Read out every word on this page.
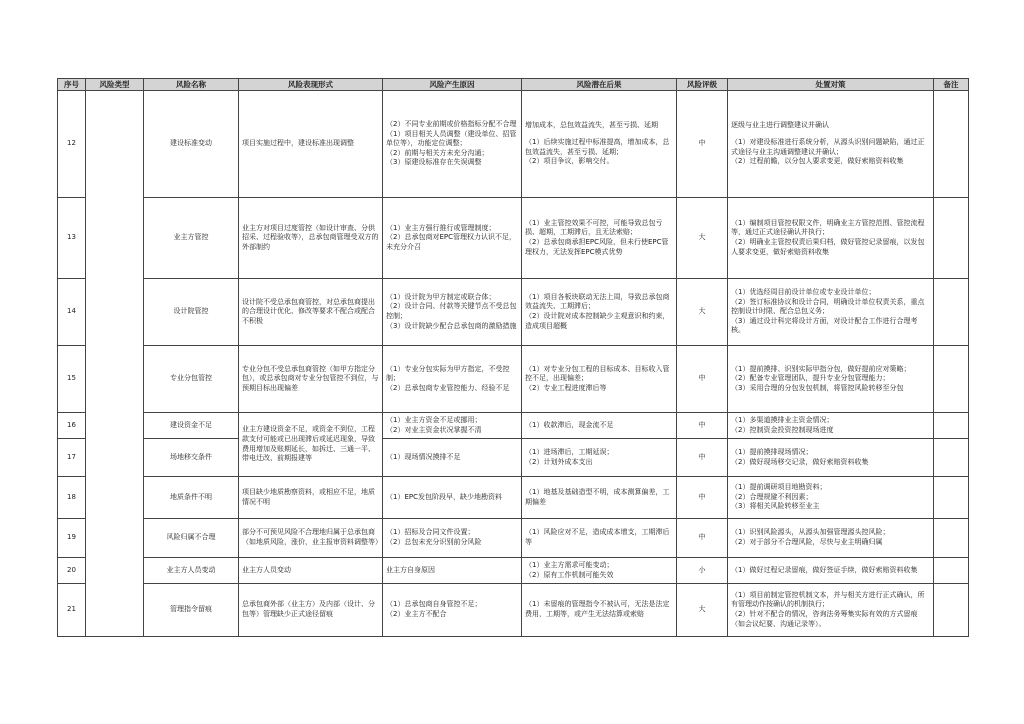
序号	风险类型	风险名称	风险表现形式	风险产生原因	风险潜在后果	风险评级	处置对策	备注
12		建设标准变动	项目实施过程中，建设标准出现调整	（2）不同专业前期或价格指标分配不合理
（1）项目相关人员调整（建设单位、招管单位等），功能定位调整；
（2）前期与相关方未充分沟通；
（3）原建设标准存在失误调整	增加成本，总包效益流失，甚至亏损、延期
（1）后续实施过程中标准提高，增加成本，总包效益流失，甚至亏损、延期；
（2）项目争议，影响交付。	中	逐级与业主进行调整建议并确认
（1）对建设标准进行系统分析，从源头识别问题缺陷，通过正式途径与业主沟通调整建议并确认；
（2）过程前瞻，以分包人要求变更，做好索赔资料收集	

13		业主方管控	业主方对项目过度管控（如设计审查、分供招采、过程验收等），总承包商管理受双方的外部制约	（1）业主方强行推行或管理制度；
（2）总承包商对EPC管理权力认识不足，未充分介召	（1）业主管控效果不可控，可能导致总包亏损、超期，工期滞后，且无法索赔；
（2）总承包商承担EPC风险，但未行使EPC管理权力，无法发挥EPC模式优势	大	（1）编制项目管控权限文件，明确业主方管控范围、管控流程等，通过正式途径确认并执行；
（2）明确业主管控权责后果归档，做好管控记录留痕，以发包人要求变更，做好索赔资料收集	

14		设计院管控	设计院不受总承包商管控，对总承包商提出的合理设计优化、修改等要求不配合或配合不积极	（1）设计院为甲方制定或联合体；
（2）设计合同、付款等关键节点不受总包控制；
（3）设计院缺少配合总承包商的激励措施	（1）项目各板块联动无法上周，导致总承包商效益流失、工期滞后；
（2）设计院对成本控制缺少主观意识和约束，造成项目超概	大	（1）优选经周目前设计单位或专业设计单位；
（2）签订标准协议和设计合同，明确设计单位权责关系，重点控制设计时限、配合总包义务；
（3）通过设计科完将设计方面，对设计配合工作进行合理考核。	

15		专业分包管控	专业分包不受总承包商管控（如甲方指定分包），或总承包商对专业分包管控不到位，与预期目标出现偏差	（1）专业分包实际为甲方指定，不受控制；
（2）总承包商专业管控能力、经验不足	（1）对专业分包工程的目标成本、目标收入管控不足，出现偏差；
（2）专业工程进度滞后等	中	（1）提前摸排、识别实际甲指分包，做好提前应对策略；
（2）配备专业管理团队，提升专业分包管理能力；
（3）采用合理的分包发包机制，将管控风险转移至分包	

16		建设资金不足	业主方建设资金不足，或资金不到位，工程款支付可能或已出现滞后或延迟现象，导致费用增加及账期延长，如拆迁、三通一平、带电迁改、前期报建等	（1）业主方资金不足或挪用；
（2）对业主资金状况掌握不清	（1）收款滞后，现金流不足	中	（1）多渠道摸排业主资金情况；
（2）控制资金投资控制现场进度	

17		场地移交条件		（1）现场情况摸排不足	（1）进场滞后，工期延误；
（2）计划外成本支出	中	（1）提前摸排现场情况；
（2）做好现场移交记录，做好索赔资料收集	

18		地质条件不明	项目缺少地质勘察资料，或相应不足，地质情况不明	（1）EPC发包阶段早，缺少地勘资料	（1）地基及基础造型不明，成本测算偏差，工期偏差	中	（1）提前调研项目地勘资料；
（2）合理规避不利因素；
（3）将相关风险转移至业主	

19		风险归属不合理	部分不可预见风险不合理地归属于总承包商（如地质风险，涨价，业主报审资料调整等）	（1）招标及合同文件设置；
（2）总包未充分识别前分风险	（1）风险应对不足，造成成本增支，工期滞后等	中	（1）识别风险源头，从源头加强管理源头控风险；
（2）对于部分不合理风险，尽快与业主明确归属	

20		业主方人员变动	业主方人员变动	业主方自身原因	（1）业主方需求可能变动；
（2）原有工作机制可能失效	小	（1）做好过程记录留痕，做好签证手续，做好索赔资料收集	

21		管理指令留痕	总承包商外部（业主方）及内部（设计、分包等）管理缺少正式途径留痕	（1）总承包商自身管控不足；
（2）业主方不配合	（1）未留痕的管理指令不被认可，无法是法定费用，工期等，或产生无法结算或索赔	大	（1）项目前制定管控机制文本，并与相关方进行正式确认，所有管理动作按确认的机制执行；
（2）针对不配合的情况，咨询法务筹集实际有效的方式留痕（如会议纪要、沟通记录等）。	
